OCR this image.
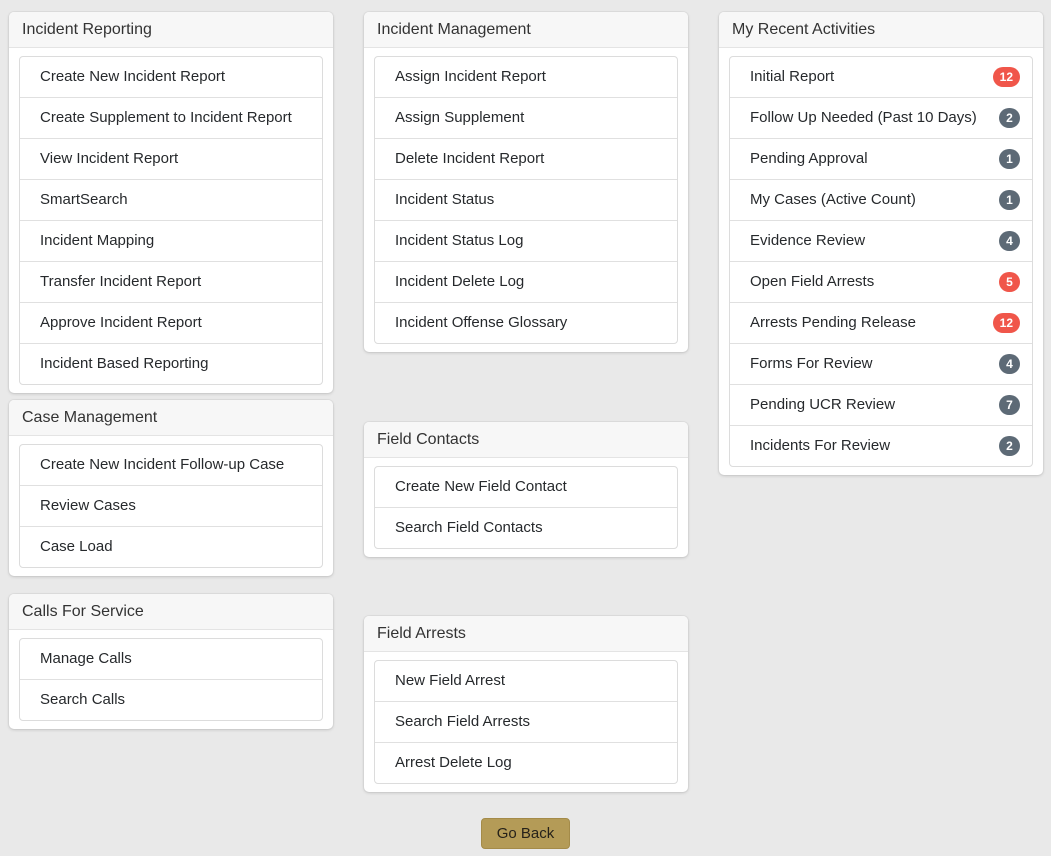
Incident Reporting
Create New Incident Report
Create Supplement to Incident Report
View Incident Report
SmartSearch
Incident Mapping
Transfer Incident Report
Approve Incident Report
Incident Based Reporting
Case Management
Create New Incident Follow-up Case
Review Cases
Case Load
Calls For Service
Manage Calls
Search Calls
Incident Management
Assign Incident Report
Assign Supplement
Delete Incident Report
Incident Status
Incident Status Log
Incident Delete Log
Incident Offense Glossary
Field Contacts
Create New Field Contact
Search Field Contacts
Field Arrests
New Field Arrest
Search Field Arrests
Arrest Delete Log
My Recent Activities
Initial Report	12
Follow Up Needed (Past 10 Days)	2
Pending Approval	1
My Cases (Active Count)	1
Evidence Review	4
Open Field Arrests	5
Arrests Pending Release	12
Forms For Review	4
Pending UCR Review	7
Incidents For Review	2
Go Back
